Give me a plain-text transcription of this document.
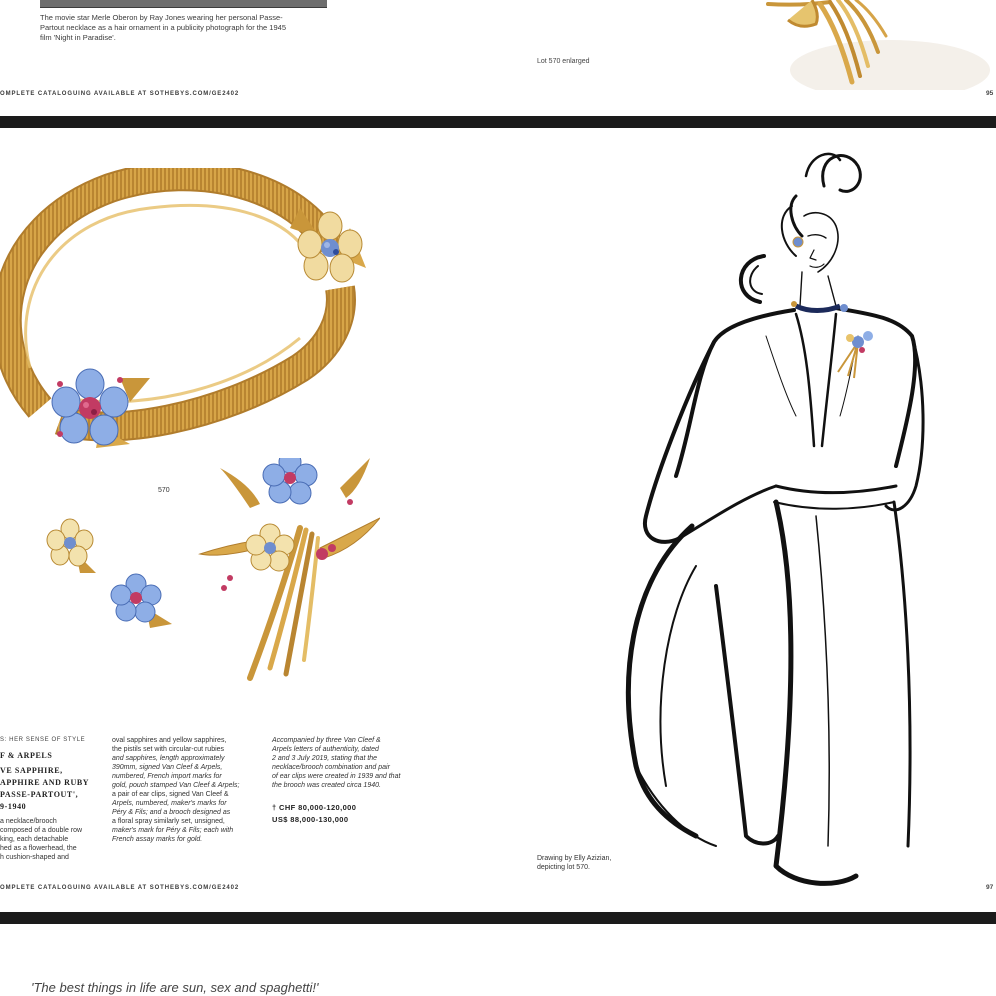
The movie star Merle Oberon by Ray Jones wearing her personal Passe-
Partout necklace as a hair ornament in a publicity photograph for the 1945
film 'Night in Paradise'.
Lot 570 enlarged
OMPLETE CATALOGUING AVAILABLE AT SOTHEBYS.COM/GE2402	95
570
S: HER SENSE OF STYLE
F & ARPELS
VE SAPPHIRE,
APPHIRE AND RUBY
PASSE-PARTOUT',
9-1940
a necklace/brooch
composed of a double row
king, each detachable
hed as a flowerhead, the
h cushion-shaped and
oval sapphires and yellow sapphires,
the pistils set with circular-cut rubies
and sapphires, length approximately
390mm, signed Van Cleef & Arpels,
numbered, French import marks for
gold, pouch stamped Van Cleef & Arpels;
a pair of ear clips, signed Van Cleef &
Arpels, numbered, maker's marks for
Péry & Fils; and a brooch designed as
a floral spray similarly set, unsigned,
maker's mark for Péry & Fils; each with
French assay marks for gold.
Accompanied by three Van Cleef &
Arpels letters of authenticity, dated
2 and 3 July 2019, stating that the
necklace/brooch combination and pair
of ear clips were created in 1939 and that
the brooch was created circa 1940.
† CHF 80,000-120,000
US$ 88,000-130,000
Drawing by Elly Azizian,
depicting lot 570.
OMPLETE CATALOGUING AVAILABLE AT SOTHEBYS.COM/GE2402	97
'The best things in life are sun, sex and spaghetti!'
